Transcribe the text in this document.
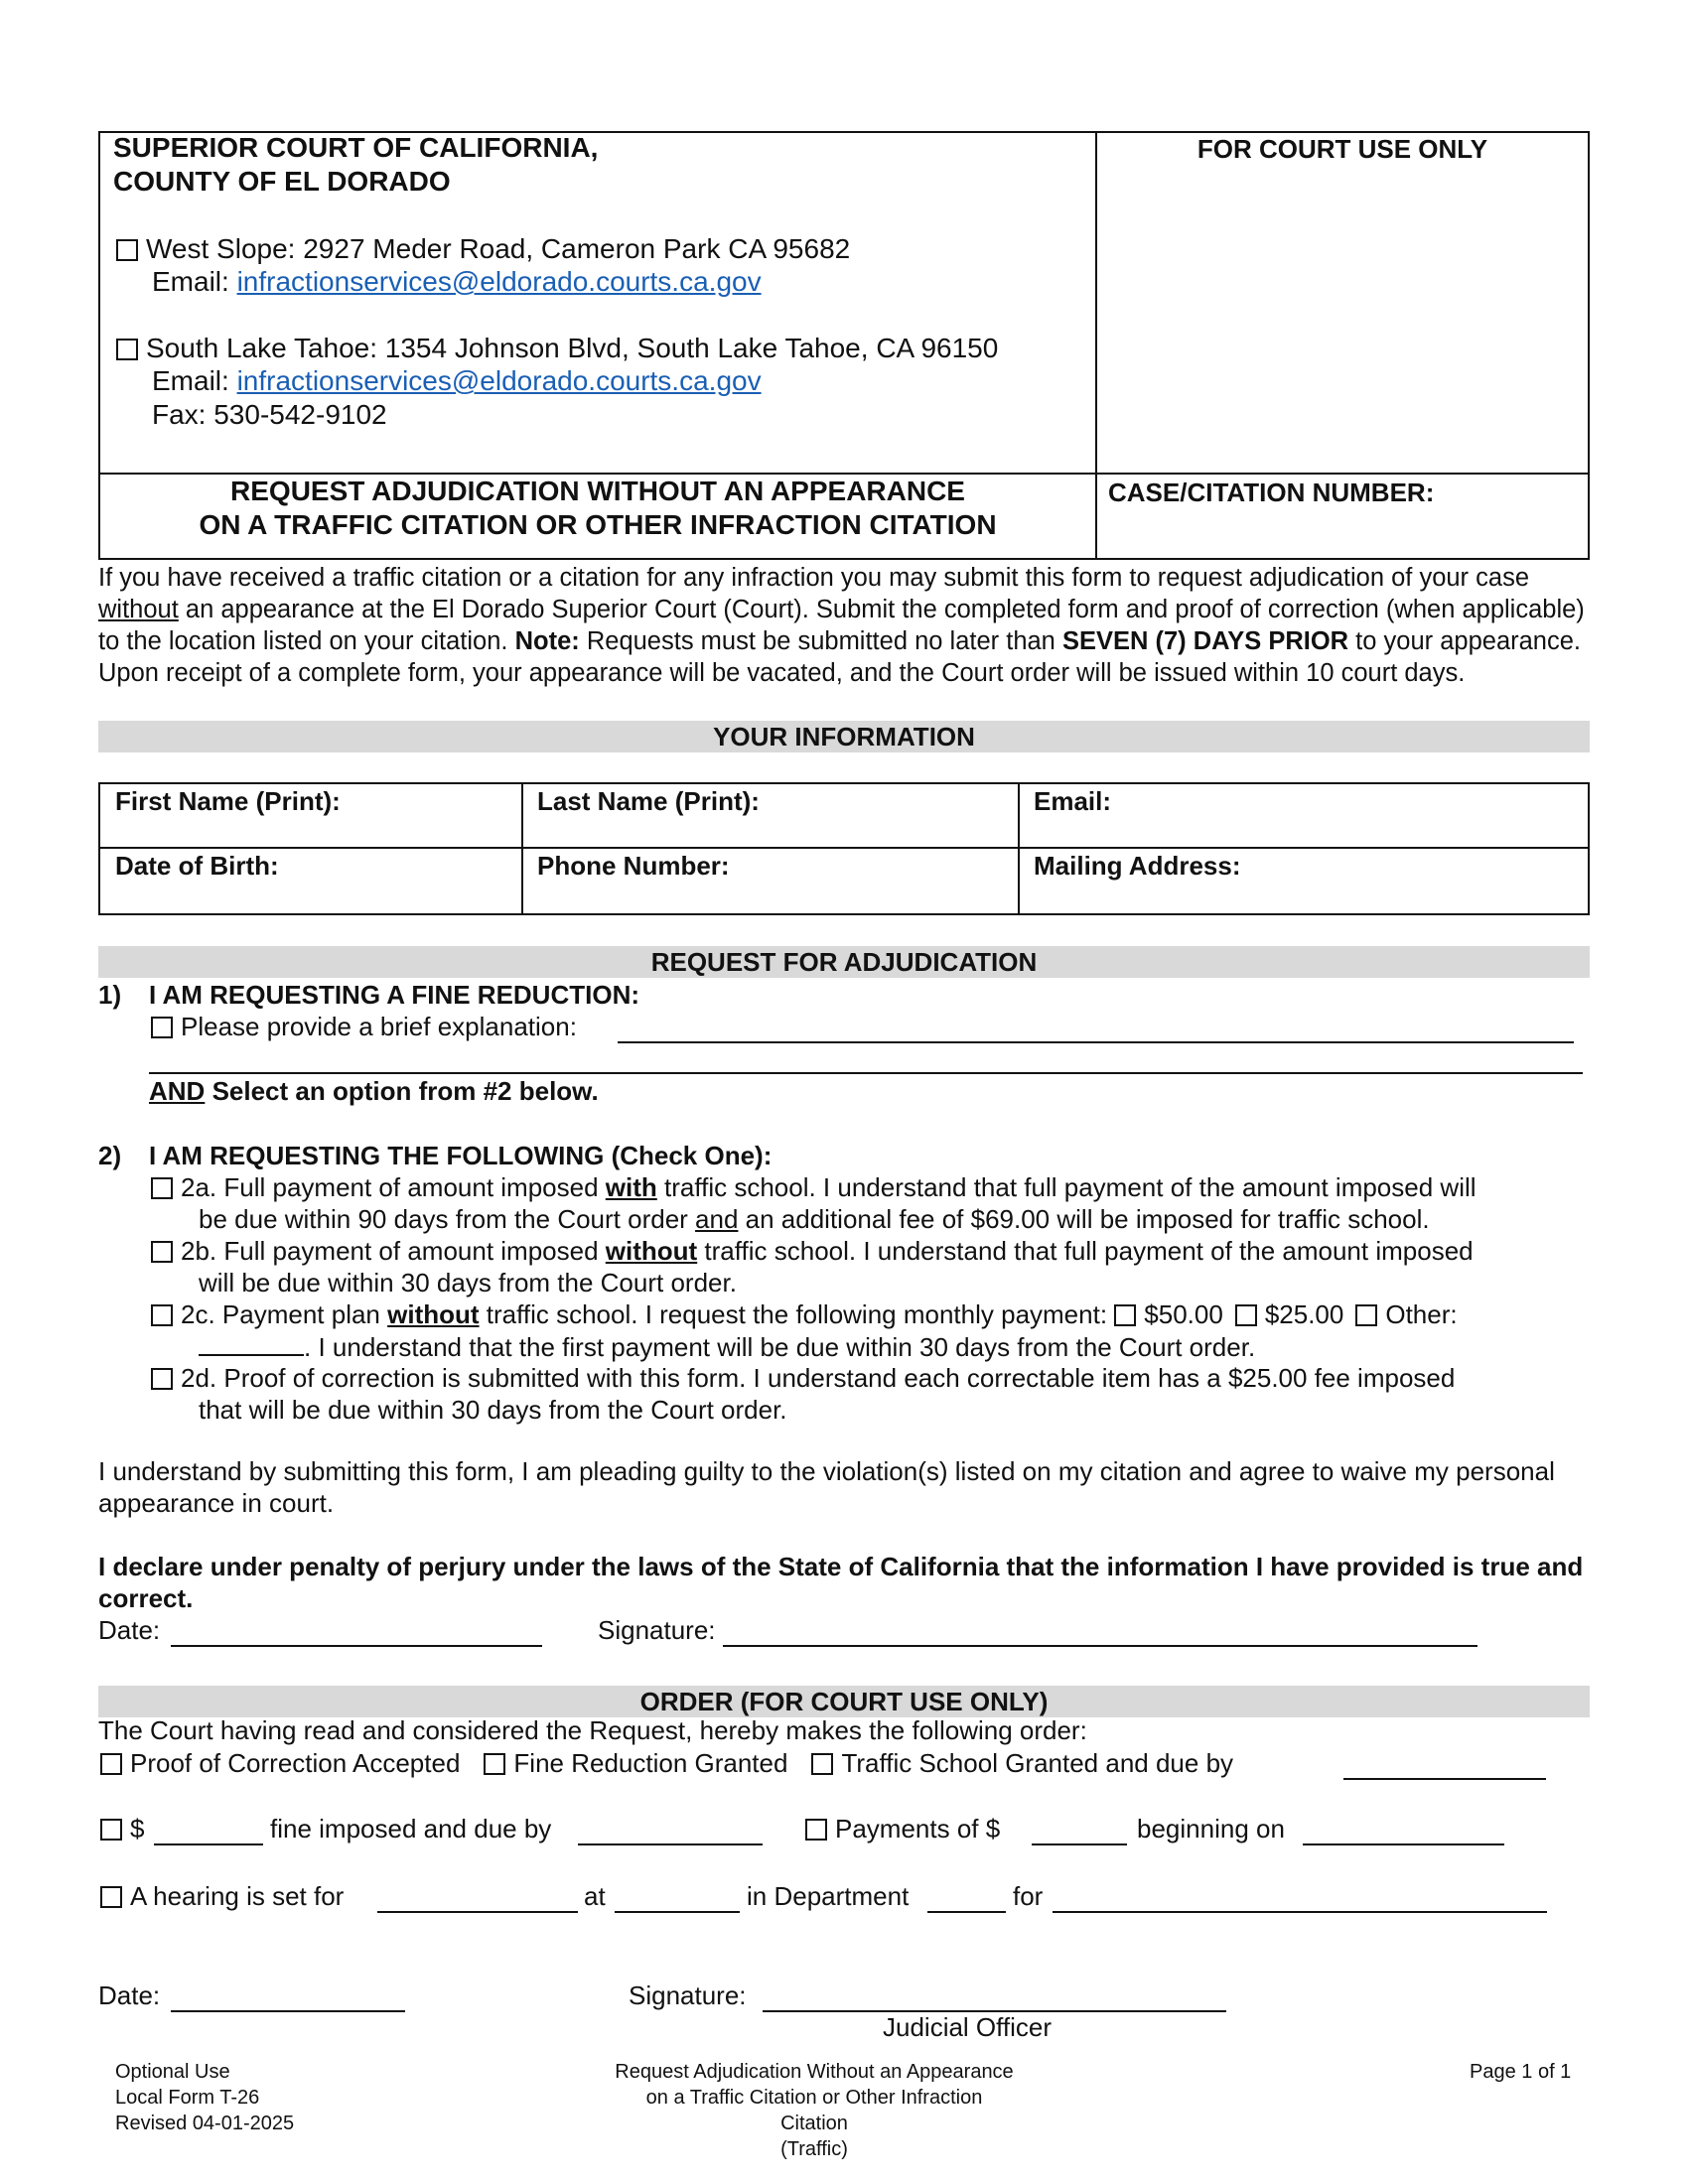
SUPERIOR COURT OF CALIFORNIA,
COUNTY OF EL DORADO
FOR COURT USE ONLY
West Slope: 2927 Meder Road, Cameron Park CA 95682
Email: infractionservices@eldorado.courts.ca.gov
South Lake Tahoe: 1354 Johnson Blvd, South Lake Tahoe, CA 96150
Email: infractionservices@eldorado.courts.ca.gov
Fax: 530-542-9102
REQUEST ADJUDICATION WITHOUT AN APPEARANCE
ON A TRAFFIC CITATION OR OTHER INFRACTION CITATION
CASE/CITATION NUMBER:
If you have received a traffic citation or a citation for any infraction you may submit this form to request adjudication of your case without an appearance at the El Dorado Superior Court (Court). Submit the completed form and proof of correction (when applicable) to the location listed on your citation. Note: Requests must be submitted no later than SEVEN (7) DAYS PRIOR to your appearance. Upon receipt of a complete form, your appearance will be vacated, and the Court order will be issued within 10 court days.
YOUR INFORMATION
First Name (Print):	Last Name (Print):	Email:
Date of Birth:	Phone Number:	Mailing Address:
REQUEST FOR ADJUDICATION
1) I AM REQUESTING A FINE REDUCTION:
Please provide a brief explanation:
AND Select an option from #2 below.
2) I AM REQUESTING THE FOLLOWING (Check One):
2a. Full payment of amount imposed with traffic school. I understand that full payment of the amount imposed will
be due within 90 days from the Court order and an additional fee of $69.00 will be imposed for traffic school.
2b. Full payment of amount imposed without traffic school. I understand that full payment of the amount imposed
will be due within 30 days from the Court order.
2c. Payment plan without traffic school. I request the following monthly payment: $50.00 $25.00 Other:
. I understand that the first payment will be due within 30 days from the Court order.
2d. Proof of correction is submitted with this form. I understand each correctable item has a $25.00 fee imposed
that will be due within 30 days from the Court order.
I understand by submitting this form, I am pleading guilty to the violation(s) listed on my citation and agree to waive my personal appearance in court.
I declare under penalty of perjury under the laws of the State of California that the information I have provided is true and correct.
Date:	Signature:
ORDER (FOR COURT USE ONLY)
The Court having read and considered the Request, hereby makes the following order:
Proof of Correction Accepted Fine Reduction Granted Traffic School Granted and due by
$	fine imposed and due by	Payments of $	beginning on
A hearing is set for	at	in Department	for
Date:	Signature:
Judicial Officer
Optional Use
Local Form T-26
Revised 04-01-2025
Request Adjudication Without an Appearance
on a Traffic Citation or Other Infraction
Citation
(Traffic)
Page 1 of 1
